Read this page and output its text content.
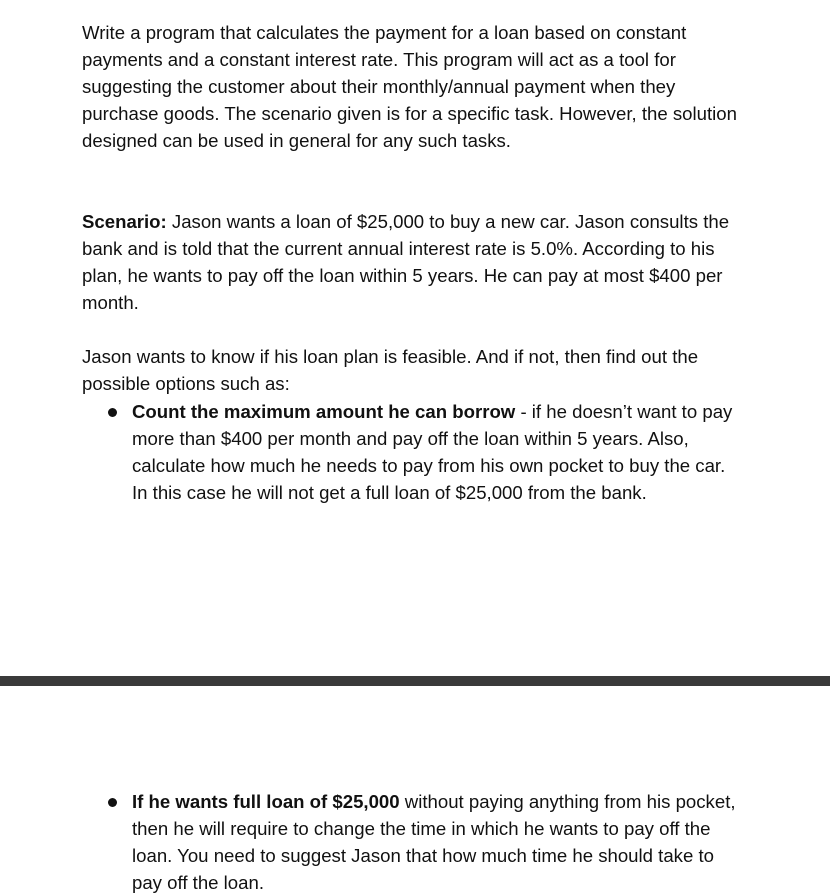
Write a program that calculates the payment for a loan based on constant payments and a constant interest rate. This program will act as a tool for suggesting the customer about their monthly/annual payment when they purchase goods. The scenario given is for a specific task. However, the solution designed can be used in general for any such tasks.

Scenario: Jason wants a loan of $25,000 to buy a new car. Jason consults the bank and is told that the current annual interest rate is 5.0%. According to his plan, he wants to pay off the loan within 5 years. He can pay at most $400 per month.

Jason wants to know if his loan plan is feasible. And if not, then find out the possible options such as:

Count the maximum amount he can borrow - if he doesn’t want to pay more than $400 per month and pay off the loan within 5 years. Also, calculate how much he needs to pay from his own pocket to buy the car. In this case he will not get a full loan of $25,000 from the bank.

If he wants full loan of $25,000 without paying anything from his pocket, then he will require to change the time in which he wants to pay off the loan. You need to suggest Jason that how much time he should take to pay off the loan.
